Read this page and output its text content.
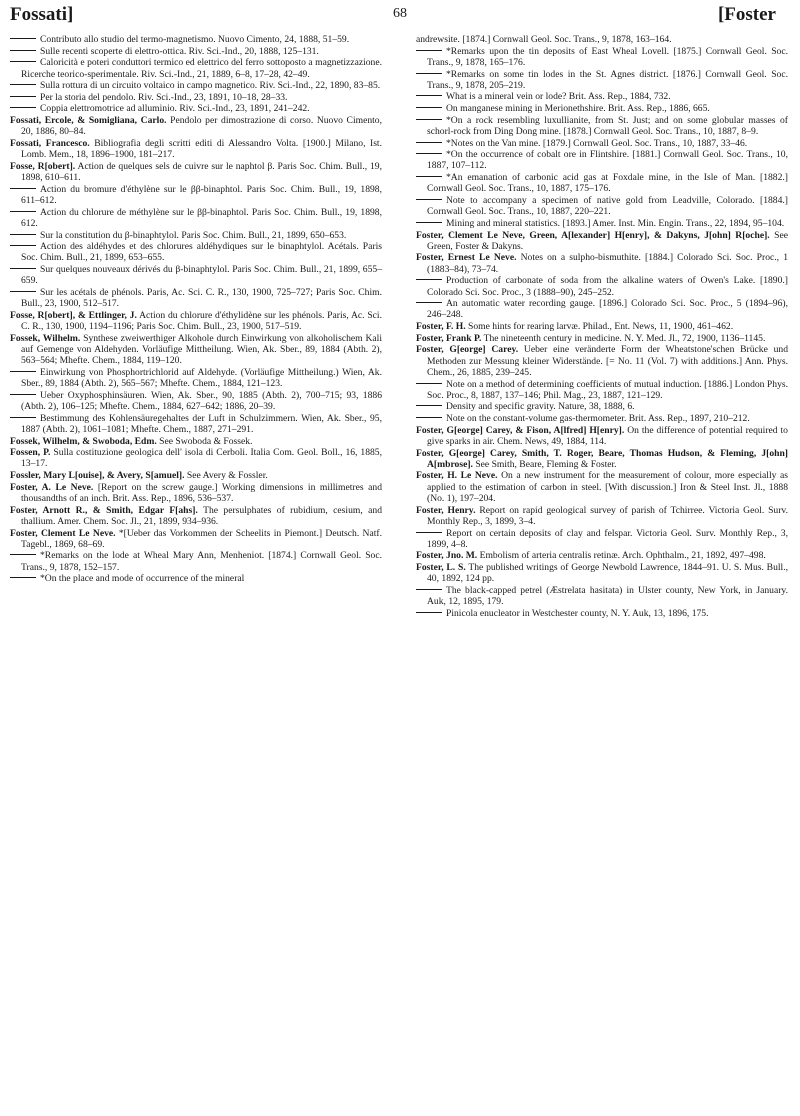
Fossati]	68	[Foster

Contributo allo studio del termo-magnetismo. Nuovo Cimento, 24, 1888, 51–59.

Sulle recenti scoperte di elettro-ottica. Riv. Sci.-Ind., 20, 1888, 125–131.

Caloricità e poteri conduttori termico ed elettrico del ferro sottoposto a magnetizzazione. Ricerche teorico-sperimentale. Riv. Sci.-Ind., 21, 1889, 6–8, 17–28, 42–49.

Sulla rottura di un circuito voltaico in campo magnetico. Riv. Sci.-Ind., 22, 1890, 83–85.

Per la storia del pendolo. Riv. Sci.-Ind., 23, 1891, 10–18, 28–33.

Coppia elettromotrice ad alluminio. Riv. Sci.-Ind., 23, 1891, 241–242.

Fossati, Ercole, & Somigliana, Carlo. Pendolo per dimostrazione di corso. Nuovo Cimento, 20, 1886, 80–84.

Fossati, Francesco. Bibliografia degli scritti editi di Alessandro Volta. [1900.] Milano, Ist. Lomb. Mem., 18, 1896–1900, 181–217.

Fosse, R[obert]. Action de quelques sels de cuivre sur le naphtol β. Paris Soc. Chim. Bull., 19, 1898, 610–611.

Action du bromure d'éthylène sur le ββ-binaphtol. Paris Soc. Chim. Bull., 19, 1898, 611–612.

Action du chlorure de méthylène sur le ββ-binaphtol. Paris Soc. Chim. Bull., 19, 1898, 612.

Sur la constitution du β-binaphtylol. Paris Soc. Chim. Bull., 21, 1899, 650–653.

Action des aldéhydes et des chlorures aldéhydiques sur le binaphtylol. Acétals. Paris Soc. Chim. Bull., 21, 1899, 653–655.

Sur quelques nouveaux dérivés du β-binaphtylol. Paris Soc. Chim. Bull., 21, 1899, 655–659.

Sur les acétals de phénols. Paris, Ac. Sci. C. R., 130, 1900, 725–727; Paris Soc. Chim. Bull., 23, 1900, 512–517.

Fosse, R[obert], & Ettlinger, J. Action du chlorure d'éthylidène sur les phénols. Paris, Ac. Sci. C. R., 130, 1900, 1194–1196; Paris Soc. Chim. Bull., 23, 1900, 517–519.

Fossek, Wilhelm. Synthese zweiwerthiger Alkohole durch Einwirkung von alkoholischem Kali auf Gemenge von Aldehyden. Vorläufige Mittheilung. Wien, Ak. Sber., 89, 1884 (Abth. 2), 563–564; Mhefte. Chem., 1884, 119–120.

Einwirkung von Phosphortrichlorid auf Aldehyde. (Vorläufige Mittheilung.) Wien, Ak. Sber., 89, 1884 (Abth. 2), 565–567; Mhefte. Chem., 1884, 121–123.

Ueber Oxyphosphinsäuren. Wien, Ak. Sber., 90, 1885 (Abth. 2), 700–715; 93, 1886 (Abth. 2), 106–125; Mhefte. Chem., 1884, 627–642; 1886, 20–39.

Bestimmung des Kohlensäuregehaltes der Luft in Schulzimmern. Wien, Ak. Sber., 95, 1887 (Abth. 2), 1061–1081; Mhefte. Chem., 1887, 271–291.

Fossek, Wilhelm, & Swoboda, Edm. See Swoboda & Fossek.

Fossen, P. Sulla costituzione geologica dell' isola di Cerboli. Italia Com. Geol. Boll., 16, 1885, 13–17.

Fossler, Mary L[ouise], & Avery, S[amuel]. See Avery & Fossler.

Foster, A. Le Neve. [Report on the screw gauge.] Working dimensions in millimetres and thousandths of an inch. Brit. Ass. Rep., 1896, 536–537.

Foster, Arnott R., & Smith, Edgar F[ahs]. The persulphates of rubidium, cesium, and thallium. Amer. Chem. Soc. Jl., 21, 1899, 934–936.

Foster, Clement Le Neve. *[Ueber das Vorkommen der Scheelits in Piemont.] Deutsch. Natf. Tagebl., 1869, 68–69.

*Remarks on the lode at Wheal Mary Ann, Menheniot. [1874.] Cornwall Geol. Soc. Trans., 9, 1878, 152–157.

*On the place and mode of occurrence of the mineral

andrewsite. [1874.] Cornwall Geol. Soc. Trans., 9, 1878, 163–164.

*Remarks upon the tin deposits of East Wheal Lovell. [1875.] Cornwall Geol. Soc. Trans., 9, 1878, 165–176.

*Remarks on some tin lodes in the St. Agnes district. [1876.] Cornwall Geol. Soc. Trans., 9, 1878, 205–219.

What is a mineral vein or lode? Brit. Ass. Rep., 1884, 732.

On manganese mining in Merionethshire. Brit. Ass. Rep., 1886, 665.

*On a rock resembling luxullianite, from St. Just; and on some globular masses of schorl-rock from Ding Dong mine. [1878.] Cornwall Geol. Soc. Trans., 10, 1887, 8–9.

*Notes on the Van mine. [1879.] Cornwall Geol. Soc. Trans., 10, 1887, 33–46.

*On the occurrence of cobalt ore in Flintshire. [1881.] Cornwall Geol. Soc. Trans., 10, 1887, 107–112.

*An emanation of carbonic acid gas at Foxdale mine, in the Isle of Man. [1882.] Cornwall Geol. Soc. Trans., 10, 1887, 175–176.

Note to accompany a specimen of native gold from Leadville, Colorado. [1884.] Cornwall Geol. Soc. Trans., 10, 1887, 220–221.

Mining and mineral statistics. [1893.] Amer. Inst. Min. Engin. Trans., 22, 1894, 95–104.

Foster, Clement Le Neve, Green, A[lexander] H[enry], & Dakyns, J[ohn] R[oche]. See Green, Foster & Dakyns.

Foster, Ernest Le Neve. Notes on a sulpho-bismuthite. [1884.] Colorado Sci. Soc. Proc., 1 (1883–84), 73–74.

Production of carbonate of soda from the alkaline waters of Owen's Lake. [1890.] Colorado Sci. Soc. Proc., 3 (1888–90), 245–252.

An automatic water recording gauge. [1896.] Colorado Sci. Soc. Proc., 5 (1894–96), 246–248.

Foster, F. H. Some hints for rearing larvæ. Philad., Ent. News, 11, 1900, 461–462.

Foster, Frank P. The nineteenth century in medicine. N. Y. Med. Jl., 72, 1900, 1136–1145.

Foster, G[eorge] Carey. Ueber eine veränderte Form der Wheatstone'schen Brücke und Methoden zur Messung kleiner Widerstände. [= No. 11 (Vol. 7) with additions.] Ann. Phys. Chem., 26, 1885, 239–245.

Note on a method of determining coefficients of mutual induction. [1886.] London Phys. Soc. Proc., 8, 1887, 137–146; Phil. Mag., 23, 1887, 121–129.

Density and specific gravity. Nature, 38, 1888, 6.

Note on the constant-volume gas-thermometer. Brit. Ass. Rep., 1897, 210–212.

Foster, G[eorge] Carey, & Fison, A[lfred] H[enry]. On the difference of potential required to give sparks in air. Chem. News, 49, 1884, 114.

Foster, G[eorge] Carey, Smith, T. Roger, Beare, Thomas Hudson, & Fleming, J[ohn] A[mbrose]. See Smith, Beare, Fleming & Foster.

Foster, H. Le Neve. On a new instrument for the measurement of colour, more especially as applied to the estimation of carbon in steel. [With discussion.] Iron & Steel Inst. Jl., 1888 (No. 1), 197–204.

Foster, Henry. Report on rapid geological survey of parish of Tchirree. Victoria Geol. Surv. Monthly Rep., 3, 1899, 3–4.

Report on certain deposits of clay and felspar. Victoria Geol. Surv. Monthly Rep., 3, 1899, 4–8.

Foster, Jno. M. Embolism of arteria centralis retinæ. Arch. Ophthalm., 21, 1892, 497–498.

Foster, L. S. The published writings of George Newbold Lawrence, 1844–91. U. S. Mus. Bull., 40, 1892, 124 pp.

The black-capped petrel (Æstrelata hasitata) in Ulster county, New York, in January. Auk, 12, 1895, 179.

Pinicola enucleator in Westchester county, N. Y. Auk, 13, 1896, 175.
